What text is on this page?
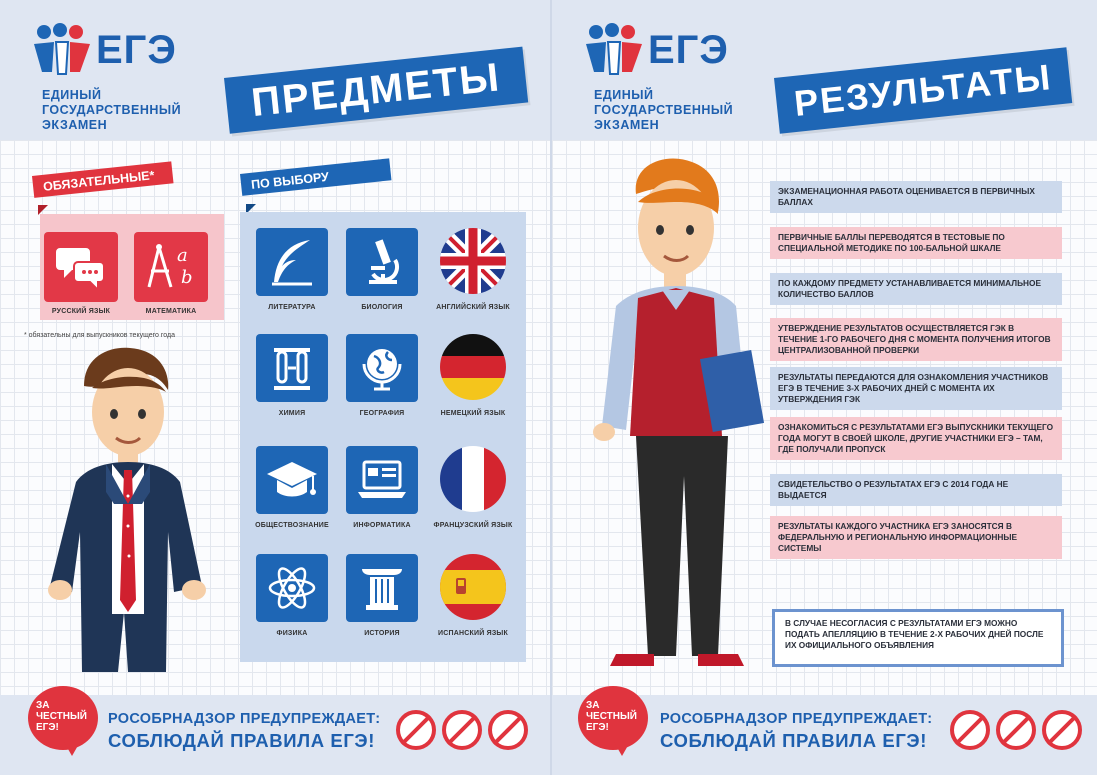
ЕГЭ
ЕДИНЫЙ
ГОСУДАРСТВЕННЫЙ
ЭКЗАМЕН	ПРЕДМЕТЫ
ОБЯЗАТЕЛЬНЫЕ*	ПО ВЫБОРУ
a
b
РУССКИЙ ЯЗЫК	МАТЕМАТИКА
* обязательны для выпускников текущего года
ЛИТЕРАТУРА	БИОЛОГИЯ	АНГЛИЙСКИЙ ЯЗЫК
ХИМИЯ	ГЕОГРАФИЯ	НЕМЕЦКИЙ ЯЗЫК
ОБЩЕСТВОЗНАНИЕ	ИНФОРМАТИКА	ФРАНЦУЗСКИЙ ЯЗЫК
ФИЗИКА	ИСТОРИЯ	ИСПАНСКИЙ ЯЗЫК
ЗА
ЧЕСТНЫЙ
ЕГЭ!
РОСОБРНАДЗОР ПРЕДУПРЕЖДАЕТ:
СОБЛЮДАЙ ПРАВИЛА ЕГЭ!
ЕГЭ
ЕДИНЫЙ
ГОСУДАРСТВЕННЫЙ
ЭКЗАМЕН
РЕЗУЛЬТАТЫ
ЭКЗАМЕНАЦИОННАЯ РАБОТА ОЦЕНИВАЕТСЯ В ПЕРВИЧНЫХ БАЛЛАХ
ПЕРВИЧНЫЕ БАЛЛЫ ПЕРЕВОДЯТСЯ В ТЕСТОВЫЕ ПО СПЕЦИАЛЬНОЙ МЕТОДИКЕ ПО 100-БАЛЬНОЙ ШКАЛЕ
ПО КАЖДОМУ ПРЕДМЕТУ УСТАНАВЛИВАЕТСЯ МИНИМАЛЬНОЕ КОЛИЧЕСТВО БАЛЛОВ
УТВЕРЖДЕНИЕ РЕЗУЛЬТАТОВ ОСУЩЕСТВЛЯЕТСЯ ГЭК В ТЕЧЕНИЕ 1-ГО РАБОЧЕГО ДНЯ С МОМЕНТА ПОЛУЧЕНИЯ ИТОГОВ ЦЕНТРАЛИЗОВАННОЙ ПРОВЕРКИ
РЕЗУЛЬТАТЫ ПЕРЕДАЮТСЯ ДЛЯ ОЗНАКОМЛЕНИЯ УЧАСТНИКОВ ЕГЭ В ТЕЧЕНИЕ 3-Х РАБОЧИХ ДНЕЙ С МОМЕНТА ИХ УТВЕРЖДЕНИЯ ГЭК
ОЗНАКОМИТЬСЯ С РЕЗУЛЬТАТАМИ ЕГЭ ВЫПУСКНИКИ ТЕКУЩЕГО ГОДА МОГУТ В СВОЕЙ ШКОЛЕ, ДРУГИЕ УЧАСТНИКИ ЕГЭ – ТАМ, ГДЕ ПОЛУЧАЛИ ПРОПУСК
СВИДЕТЕЛЬСТВО О РЕЗУЛЬТАТАХ ЕГЭ С 2014 ГОДА НЕ ВЫДАЕТСЯ
РЕЗУЛЬТАТЫ КАЖДОГО УЧАСТНИКА ЕГЭ ЗАНОСЯТСЯ В ФЕДЕРАЛЬНУЮ И РЕГИОНАЛЬНУЮ ИНФОРМАЦИОННЫЕ СИСТЕМЫ
В СЛУЧАЕ НЕСОГЛАСИЯ С РЕЗУЛЬТАТАМИ ЕГЭ МОЖНО ПОДАТЬ АПЕЛЛЯЦИЮ В ТЕЧЕНИЕ 2-Х РАБОЧИХ ДНЕЙ ПОСЛЕ ИХ ОФИЦИАЛЬНОГО ОБЪЯВЛЕНИЯ
ЗА
ЧЕСТНЫЙ
ЕГЭ!
РОСОБРНАДЗОР ПРЕДУПРЕЖДАЕТ:
СОБЛЮДАЙ ПРАВИЛА ЕГЭ!
